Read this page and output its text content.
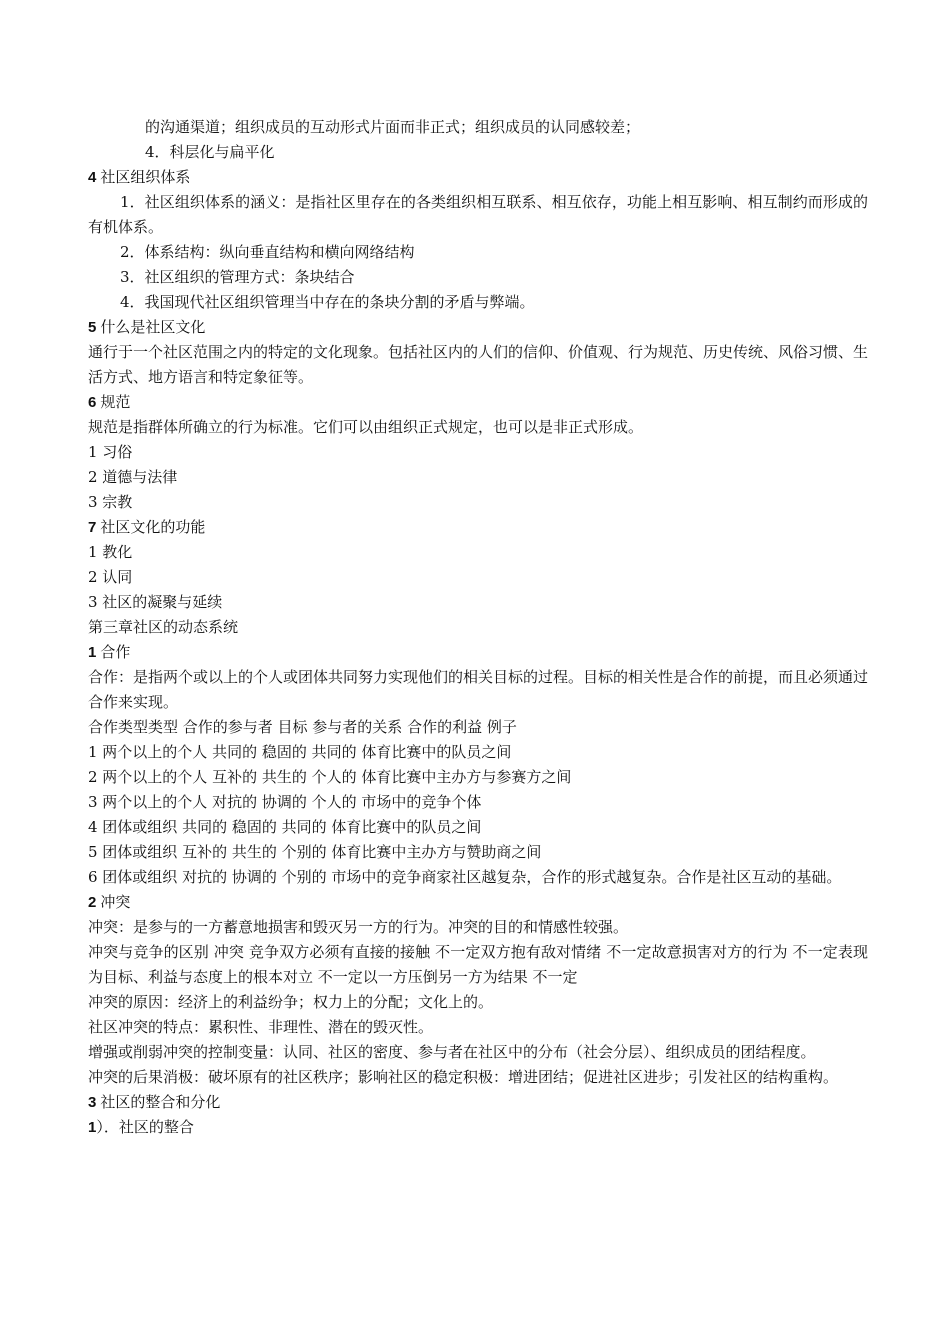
的沟通渠道；组织成员的互动形式片面而非正式；组织成员的认同感较差；
4．科层化与扁平化
4 社区组织体系
1．社区组织体系的涵义：是指社区里存在的各类组织相互联系、相互依存，功能上相互影响、相互制约而形成的有机体系。
2．体系结构：纵向垂直结构和横向网络结构
3．社区组织的管理方式：条块结合
4．我国现代社区组织管理当中存在的条块分割的矛盾与弊端。
5 什么是社区文化
通行于一个社区范围之内的特定的文化现象。包括社区内的人们的信仰、价值观、行为规范、历史传统、风俗习惯、生活方式、地方语言和特定象征等。
6 规范
规范是指群体所确立的行为标准。它们可以由组织正式规定，也可以是非正式形成。
1 习俗
2 道德与法律
3 宗教
7 社区文化的功能
1 教化
2 认同
3 社区的凝聚与延续
第三章社区的动态系统
1 合作
合作：是指两个或以上的个人或团体共同努力实现他们的相关目标的过程。目标的相关性是合作的前提，而且必须通过合作来实现。
合作类型类型 合作的参与者 目标 参与者的关系 合作的利益 例子
1 两个以上的个人 共同的 稳固的 共同的 体育比赛中的队员之间
2 两个以上的个人 互补的 共生的 个人的 体育比赛中主办方与参赛方之间
3 两个以上的个人 对抗的 协调的 个人的 市场中的竞争个体
4 团体或组织 共同的 稳固的 共同的 体育比赛中的队员之间
5 团体或组织 互补的 共生的 个别的 体育比赛中主办方与赞助商之间
6 团体或组织 对抗的 协调的 个别的 市场中的竞争商家社区越复杂，合作的形式越复杂。合作是社区互动的基础。
2 冲突
冲突：是参与的一方蓄意地损害和毁灭另一方的行为。冲突的目的和情感性较强。
冲突与竞争的区别 冲突 竞争双方必须有直接的接触 不一定双方抱有敌对情绪 不一定故意损害对方的行为 不一定表现为目标、利益与态度上的根本对立 不一定以一方压倒另一方为结果 不一定
冲突的原因：经济上的利益纷争；权力上的分配；文化上的。
社区冲突的特点：累积性、非理性、潜在的毁灭性。
增强或削弱冲突的控制变量：认同、社区的密度、参与者在社区中的分布（社会分层）、组织成员的团结程度。
冲突的后果消极：破坏原有的社区秩序；影响社区的稳定积极：增进团结；促进社区进步；引发社区的结构重构。
3 社区的整合和分化
1）．社区的整合
